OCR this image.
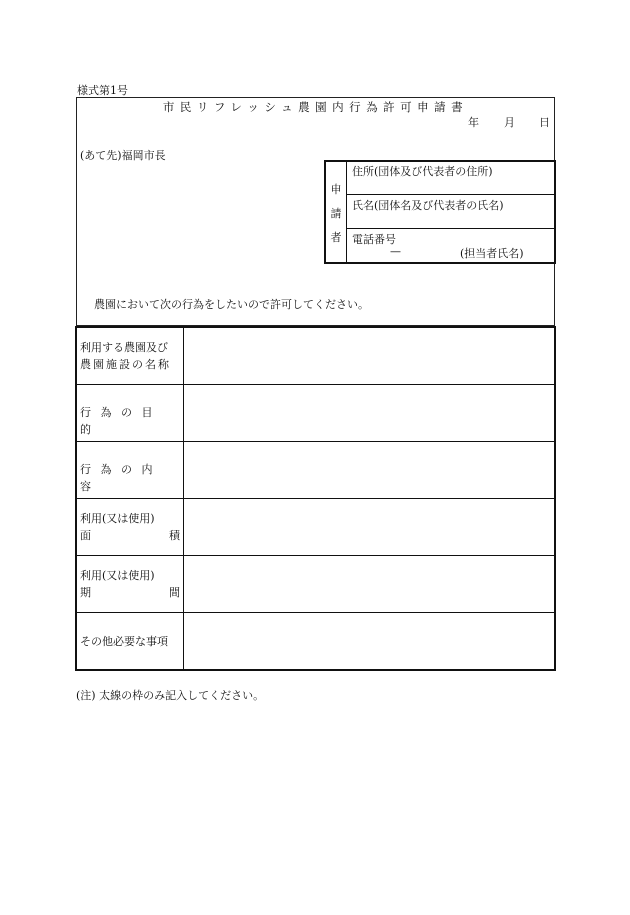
様式第1号
市民リフレッシュ農園内行為許可申請書
年 月 日
(あて先)福岡市長
申
請
者
住所(団体及び代表者の住所)
氏名(団体名及び代表者の氏名)
電話番号
—	(担当者氏名)
農園において次の行為をしたいので許可してください。
利用する農園及び
農園施設の名称
行為の目的
行為の内容
利用(又は使用)
面	積
利用(又は使用)
期	間
その他必要な事項
(注) 太線の枠のみ記入してください。
